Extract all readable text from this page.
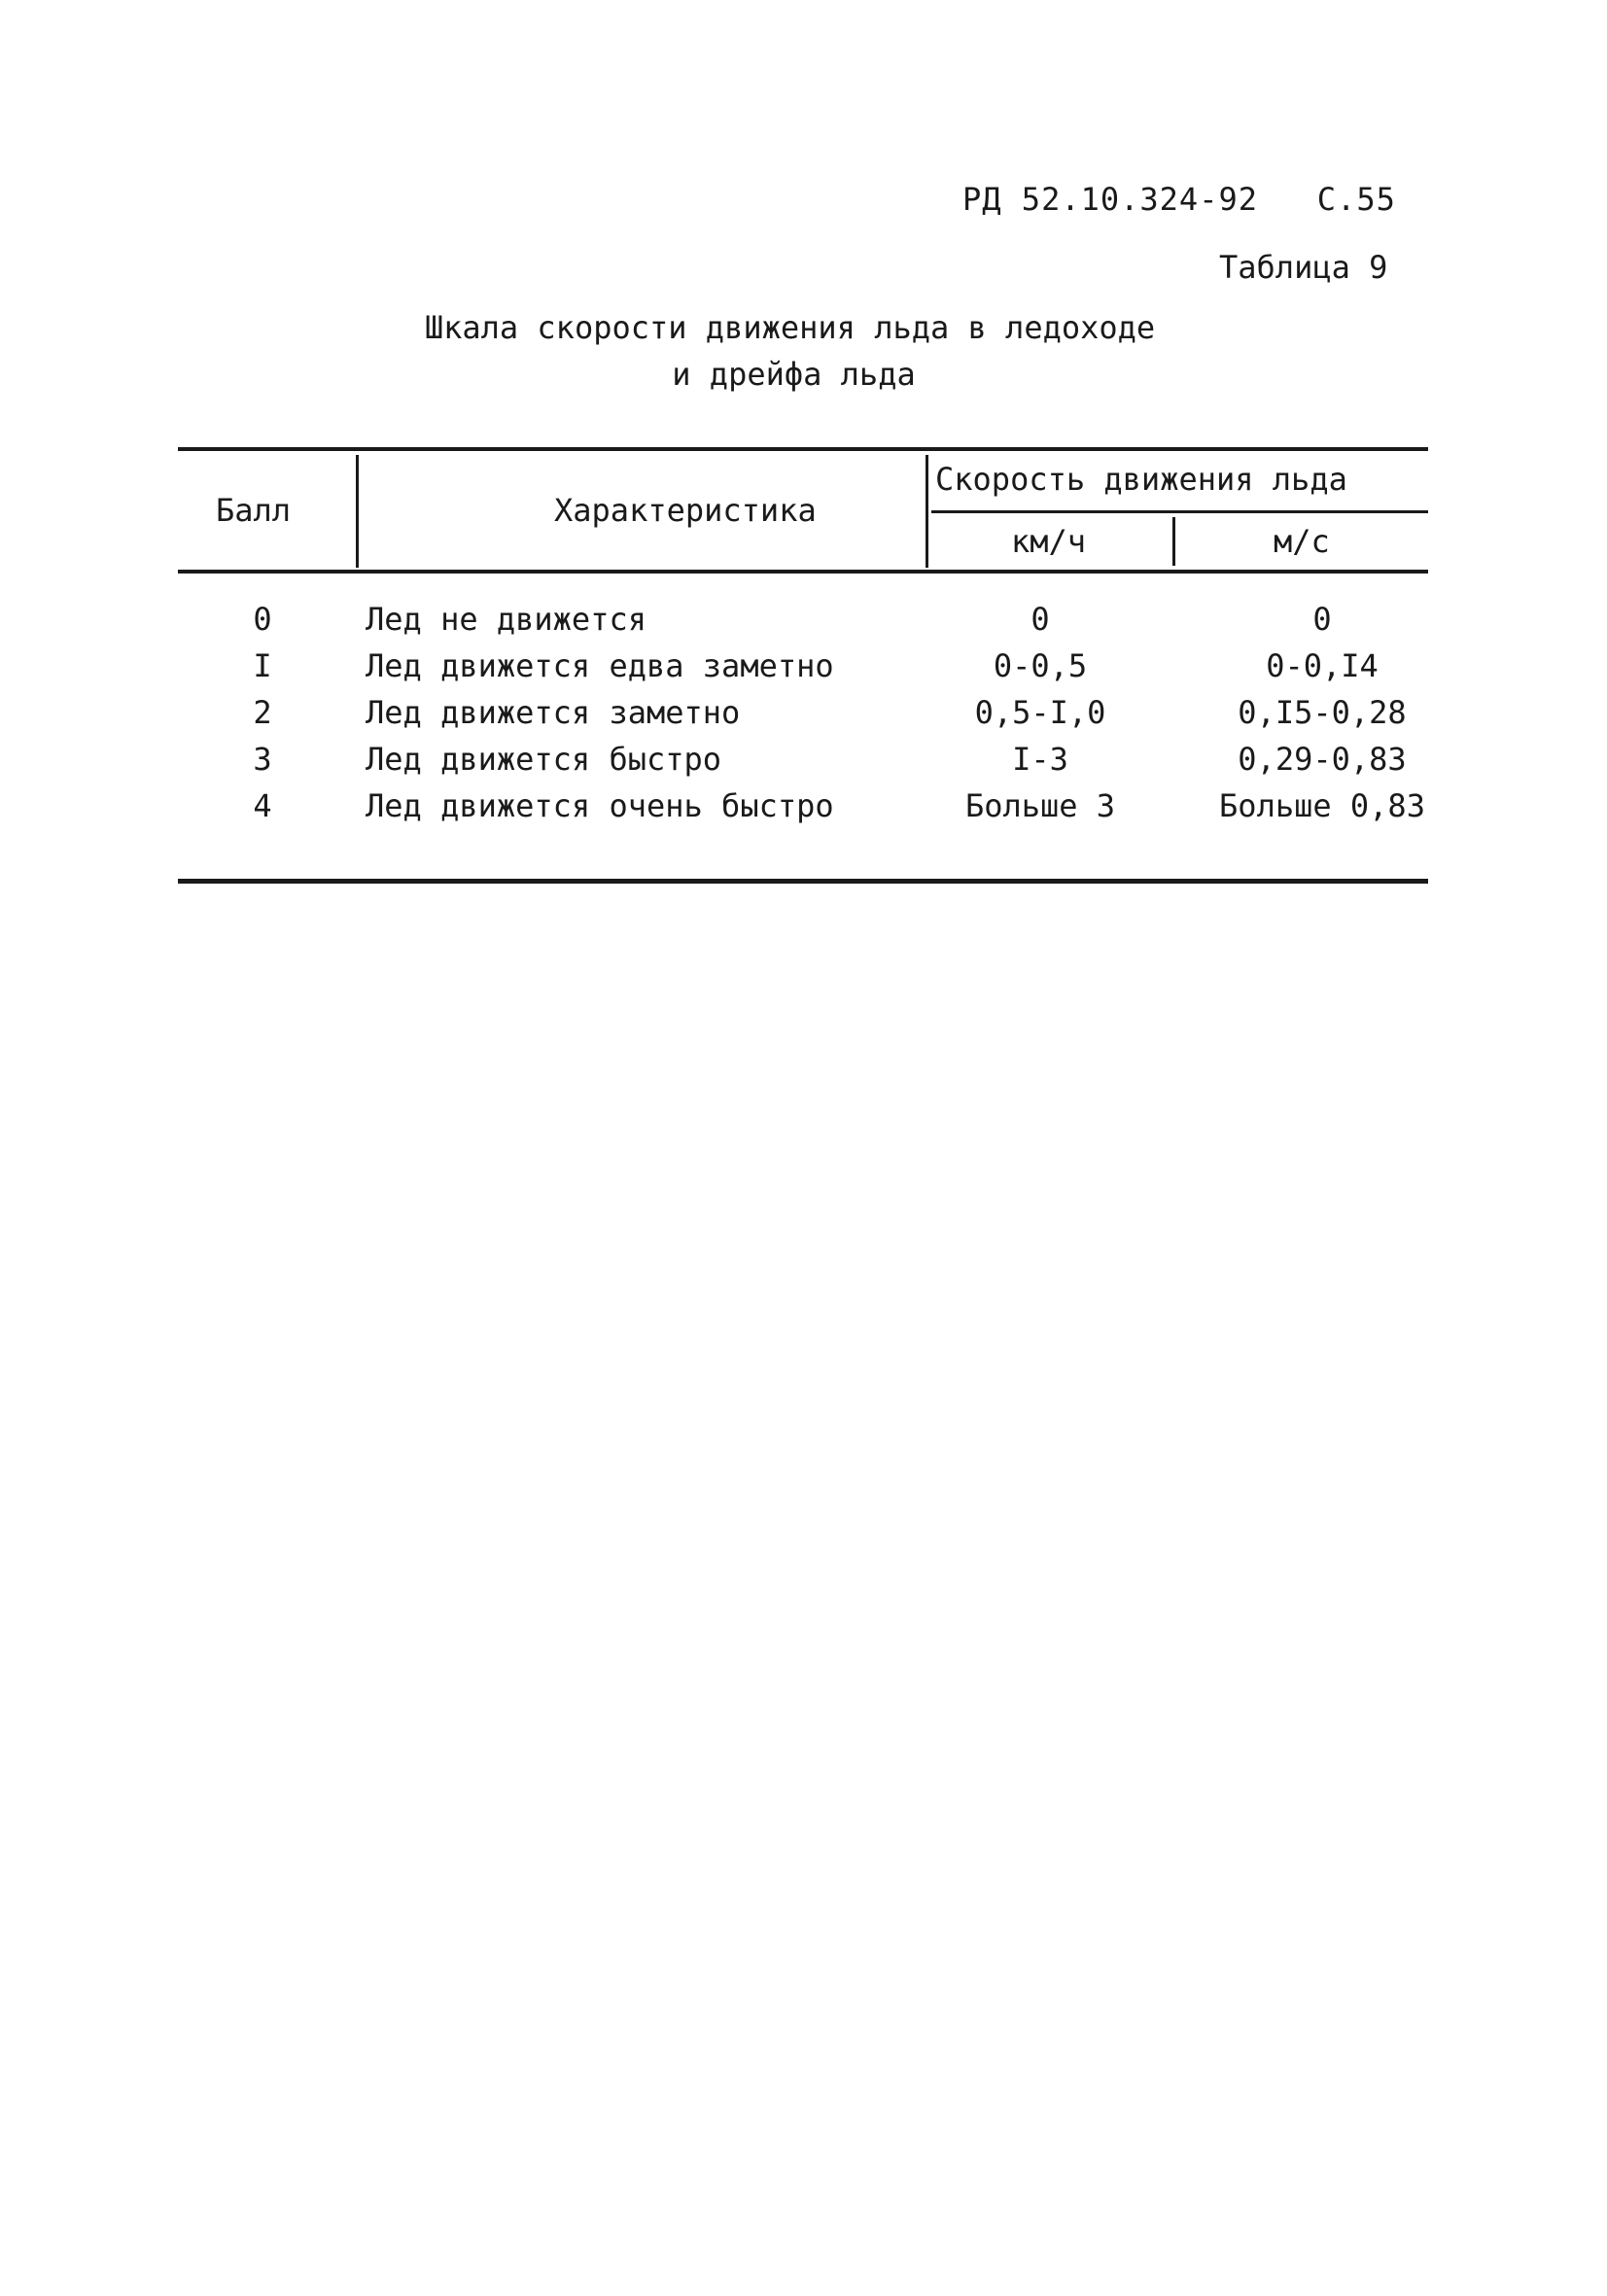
РД 52.10.324-92 С.55
Таблица 9
Шкала скорости движения льда в ледоходе
и дрейфа льда
Балл	Характеристика
Скорость движения льда
км/ч	м/с
0	Лед не движется	0	0
I	Лед движется едва заметно	0-0,5	0-0,I4
2	Лед движется заметно	0,5-I,0	0,I5-0,28
3	Лед движется быстро	I-3	0,29-0,83
4	Лед движется очень быстро	Больше 3	Больше 0,83
